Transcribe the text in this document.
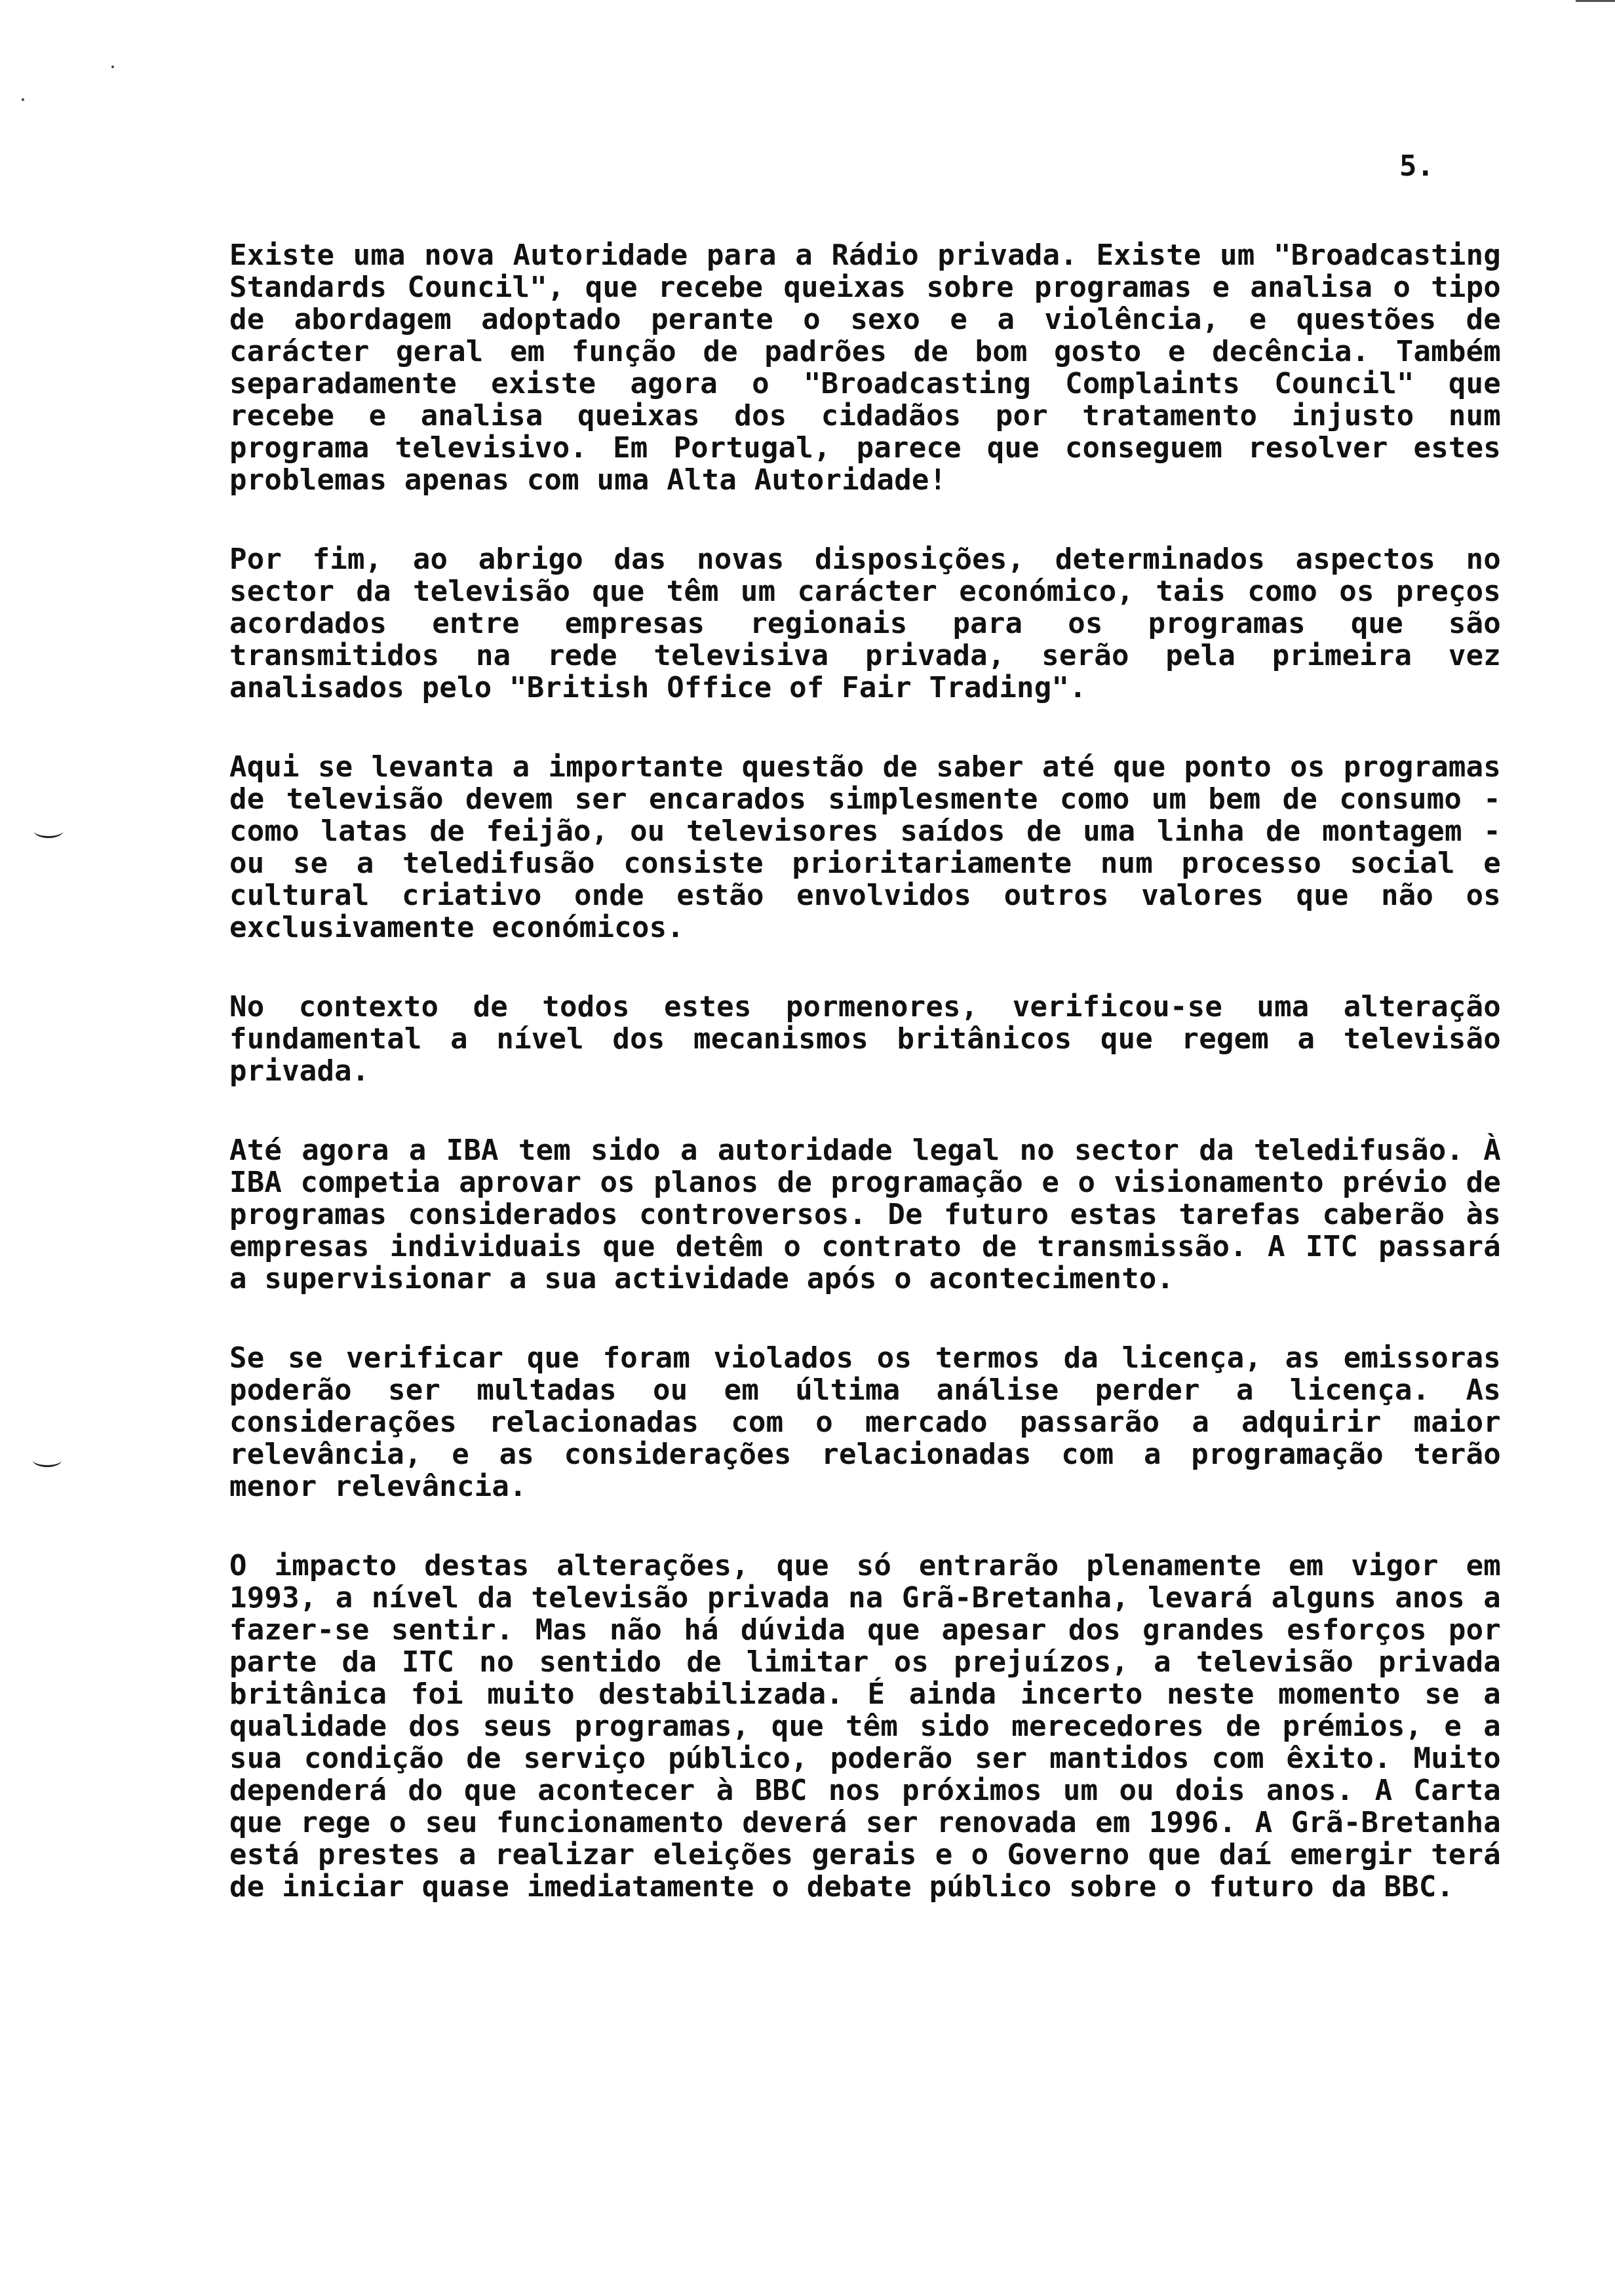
5.

Existe uma nova Autoridade para a Rádio privada. Existe um "Broadcasting Standards Council", que recebe queixas sobre programas e analisa o tipo de abordagem adoptado perante o sexo e a violência, e questões de carácter geral em função de padrões de bom gosto e decência. Também separadamente existe agora o "Broadcasting Complaints Council" que recebe e analisa queixas dos cidadãos por tratamento injusto num programa televisivo. Em Portugal, parece que conseguem resolver estes problemas apenas com uma Alta Autoridade!

Por fim, ao abrigo das novas disposições, determinados aspectos no sector da televisão que têm um carácter económico, tais como os preços acordados entre empresas regionais para os programas que são transmitidos na rede televisiva privada, serão pela primeira vez analisados pelo "British Office of Fair Trading".

Aqui se levanta a importante questão de saber até que ponto os programas de televisão devem ser encarados simplesmente como um bem de consumo - como latas de feijão, ou televisores saídos de uma linha de montagem - ou se a teledifusão consiste prioritariamente num processo social e cultural criativo onde estão envolvidos outros valores que não os exclusivamente económicos.

No contexto de todos estes pormenores, verificou-se uma alteração fundamental a nível dos mecanismos britânicos que regem a televisão privada.

Até agora a IBA tem sido a autoridade legal no sector da teledifusão. À IBA competia aprovar os planos de programação e o visionamento prévio de programas considerados controversos. De futuro estas tarefas caberão às empresas individuais que detêm o contrato de transmissão. A ITC passará a supervisionar a sua actividade após o acontecimento.

Se se verificar que foram violados os termos da licença, as emissoras poderão ser multadas ou em última análise perder a licença. As considerações relacionadas com o mercado passarão a adquirir maior relevância, e as considerações relacionadas com a programação terão menor relevância.

O impacto destas alterações, que só entrarão plenamente em vigor em 1993, a nível da televisão privada na Grã-Bretanha, levará alguns anos a fazer-se sentir. Mas não há dúvida que apesar dos grandes esforços por parte da ITC no sentido de limitar os prejuízos, a televisão privada britânica foi muito destabilizada. É ainda incerto neste momento se a qualidade dos seus programas, que têm sido merecedores de prémios, e a sua condição de serviço público, poderão ser mantidos com êxito. Muito dependerá do que acontecer à BBC nos próximos um ou dois anos. A Carta que rege o seu funcionamento deverá ser renovada em 1996. A Grã-Bretanha está prestes a realizar eleições gerais e o Governo que daí emergir terá de iniciar quase imediatamente o debate público sobre o futuro da BBC.
